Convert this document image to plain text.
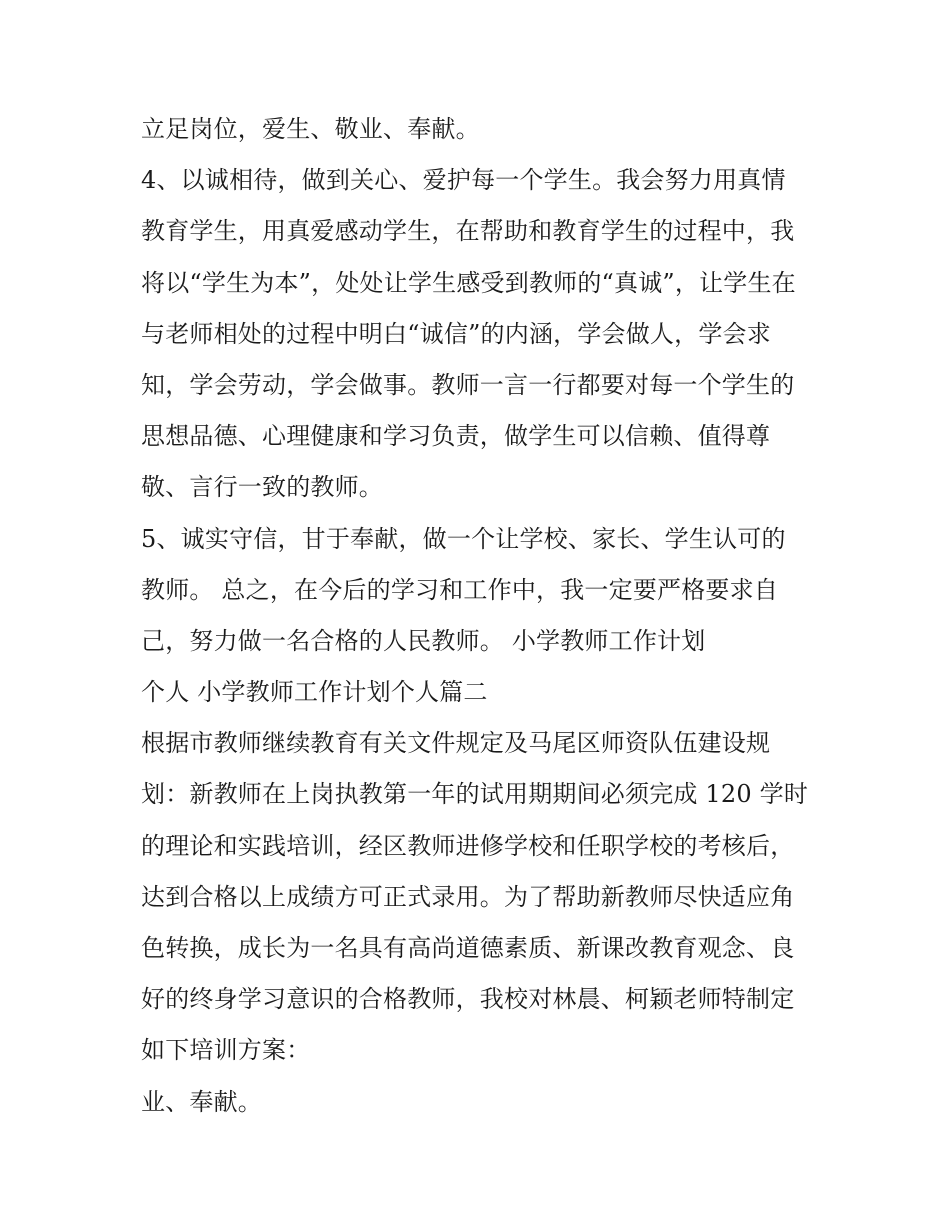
立足岗位，爱生、敬业、奉献。
4、以诚相待，做到关心、爱护每一个学生。我会努力用真情
教育学生，用真爱感动学生，在帮助和教育学生的过程中，我
将以“学生为本”，处处让学生感受到教师的“真诚”，让学生在
与老师相处的过程中明白“诚信”的内涵，学会做人，学会求
知，学会劳动，学会做事。教师一言一行都要对每一个学生的
思想品德、心理健康和学习负责，做学生可以信赖、值得尊
敬、言行一致的教师。
5、诚实守信，甘于奉献，做一个让学校、家长、学生认可的
教师。 总之，在今后的学习和工作中，我一定要严格要求自
己，努力做一名合格的人民教师。 小学教师工作计划
个人 小学教师工作计划个人篇二
根据市教师继续教育有关文件规定及马尾区师资队伍建设规
划：新教师在上岗执教第一年的试用期期间必须完成 120 学时
的理论和实践培训，经区教师进修学校和任职学校的考核后，
达到合格以上成绩方可正式录用。为了帮助新教师尽快适应角
色转换，成长为一名具有高尚道德素质、新课改教育观念、良
好的终身学习意识的合格教师，我校对林晨、柯颖老师特制定
如下培训方案：
业、奉献。
